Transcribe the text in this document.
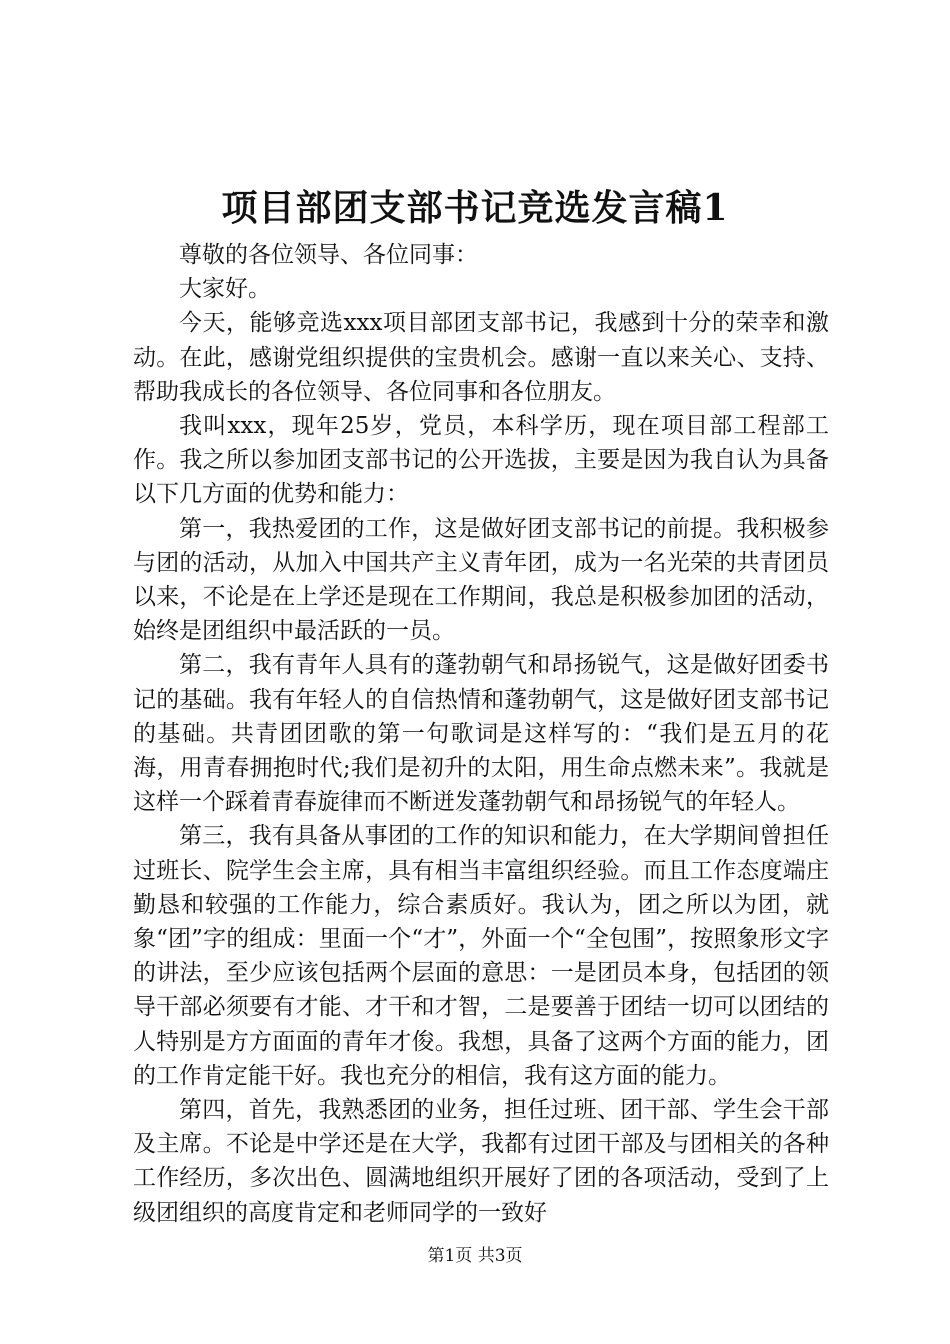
项目部团支部书记竞选发言稿1

尊敬的各位领导、各位同事：

大家好。

今天，能够竞选xxx项目部团支部书记，我感到十分的荣幸和激动。在此，感谢党组织提供的宝贵机会。感谢一直以来关心、支持、帮助我成长的各位领导、各位同事和各位朋友。

我叫xxx，现年25岁，党员，本科学历，现在项目部工程部工作。我之所以参加团支部书记的公开选拔，主要是因为我自认为具备以下几方面的优势和能力：

第一，我热爱团的工作，这是做好团支部书记的前提。我积极参与团的活动，从加入中国共产主义青年团，成为一名光荣的共青团员以来，不论是在上学还是现在工作期间，我总是积极参加团的活动，始终是团组织中最活跃的一员。

第二，我有青年人具有的蓬勃朝气和昂扬锐气，这是做好团委书记的基础。我有年轻人的自信热情和蓬勃朝气，这是做好团支部书记的基础。共青团团歌的第一句歌词是这样写的：“我们是五月的花海，用青春拥抱时代;我们是初升的太阳，用生命点燃未来”。我就是这样一个踩着青春旋律而不断迸发蓬勃朝气和昂扬锐气的年轻人。

第三，我有具备从事团的工作的知识和能力，在大学期间曾担任过班长、院学生会主席，具有相当丰富组织经验。而且工作态度端庄勤恳和较强的工作能力，综合素质好。我认为，团之所以为团，就象“团”字的组成：里面一个“才”，外面一个“全包围”，按照象形文字的讲法，至少应该包括两个层面的意思：一是团员本身，包括团的领导干部必须要有才能、才干和才智，二是要善于团结一切可以团结的人特别是方方面面的青年才俊。我想，具备了这两个方面的能力，团的工作肯定能干好。我也充分的相信，我有这方面的能力。

第四，首先，我熟悉团的业务，担任过班、团干部、学生会干部及主席。不论是中学还是在大学，我都有过团干部及与团相关的各种工作经历，多次出色、圆满地组织开展好了团的各项活动，受到了上级团组织的高度肯定和老师同学的一致好

第1页 共3页
